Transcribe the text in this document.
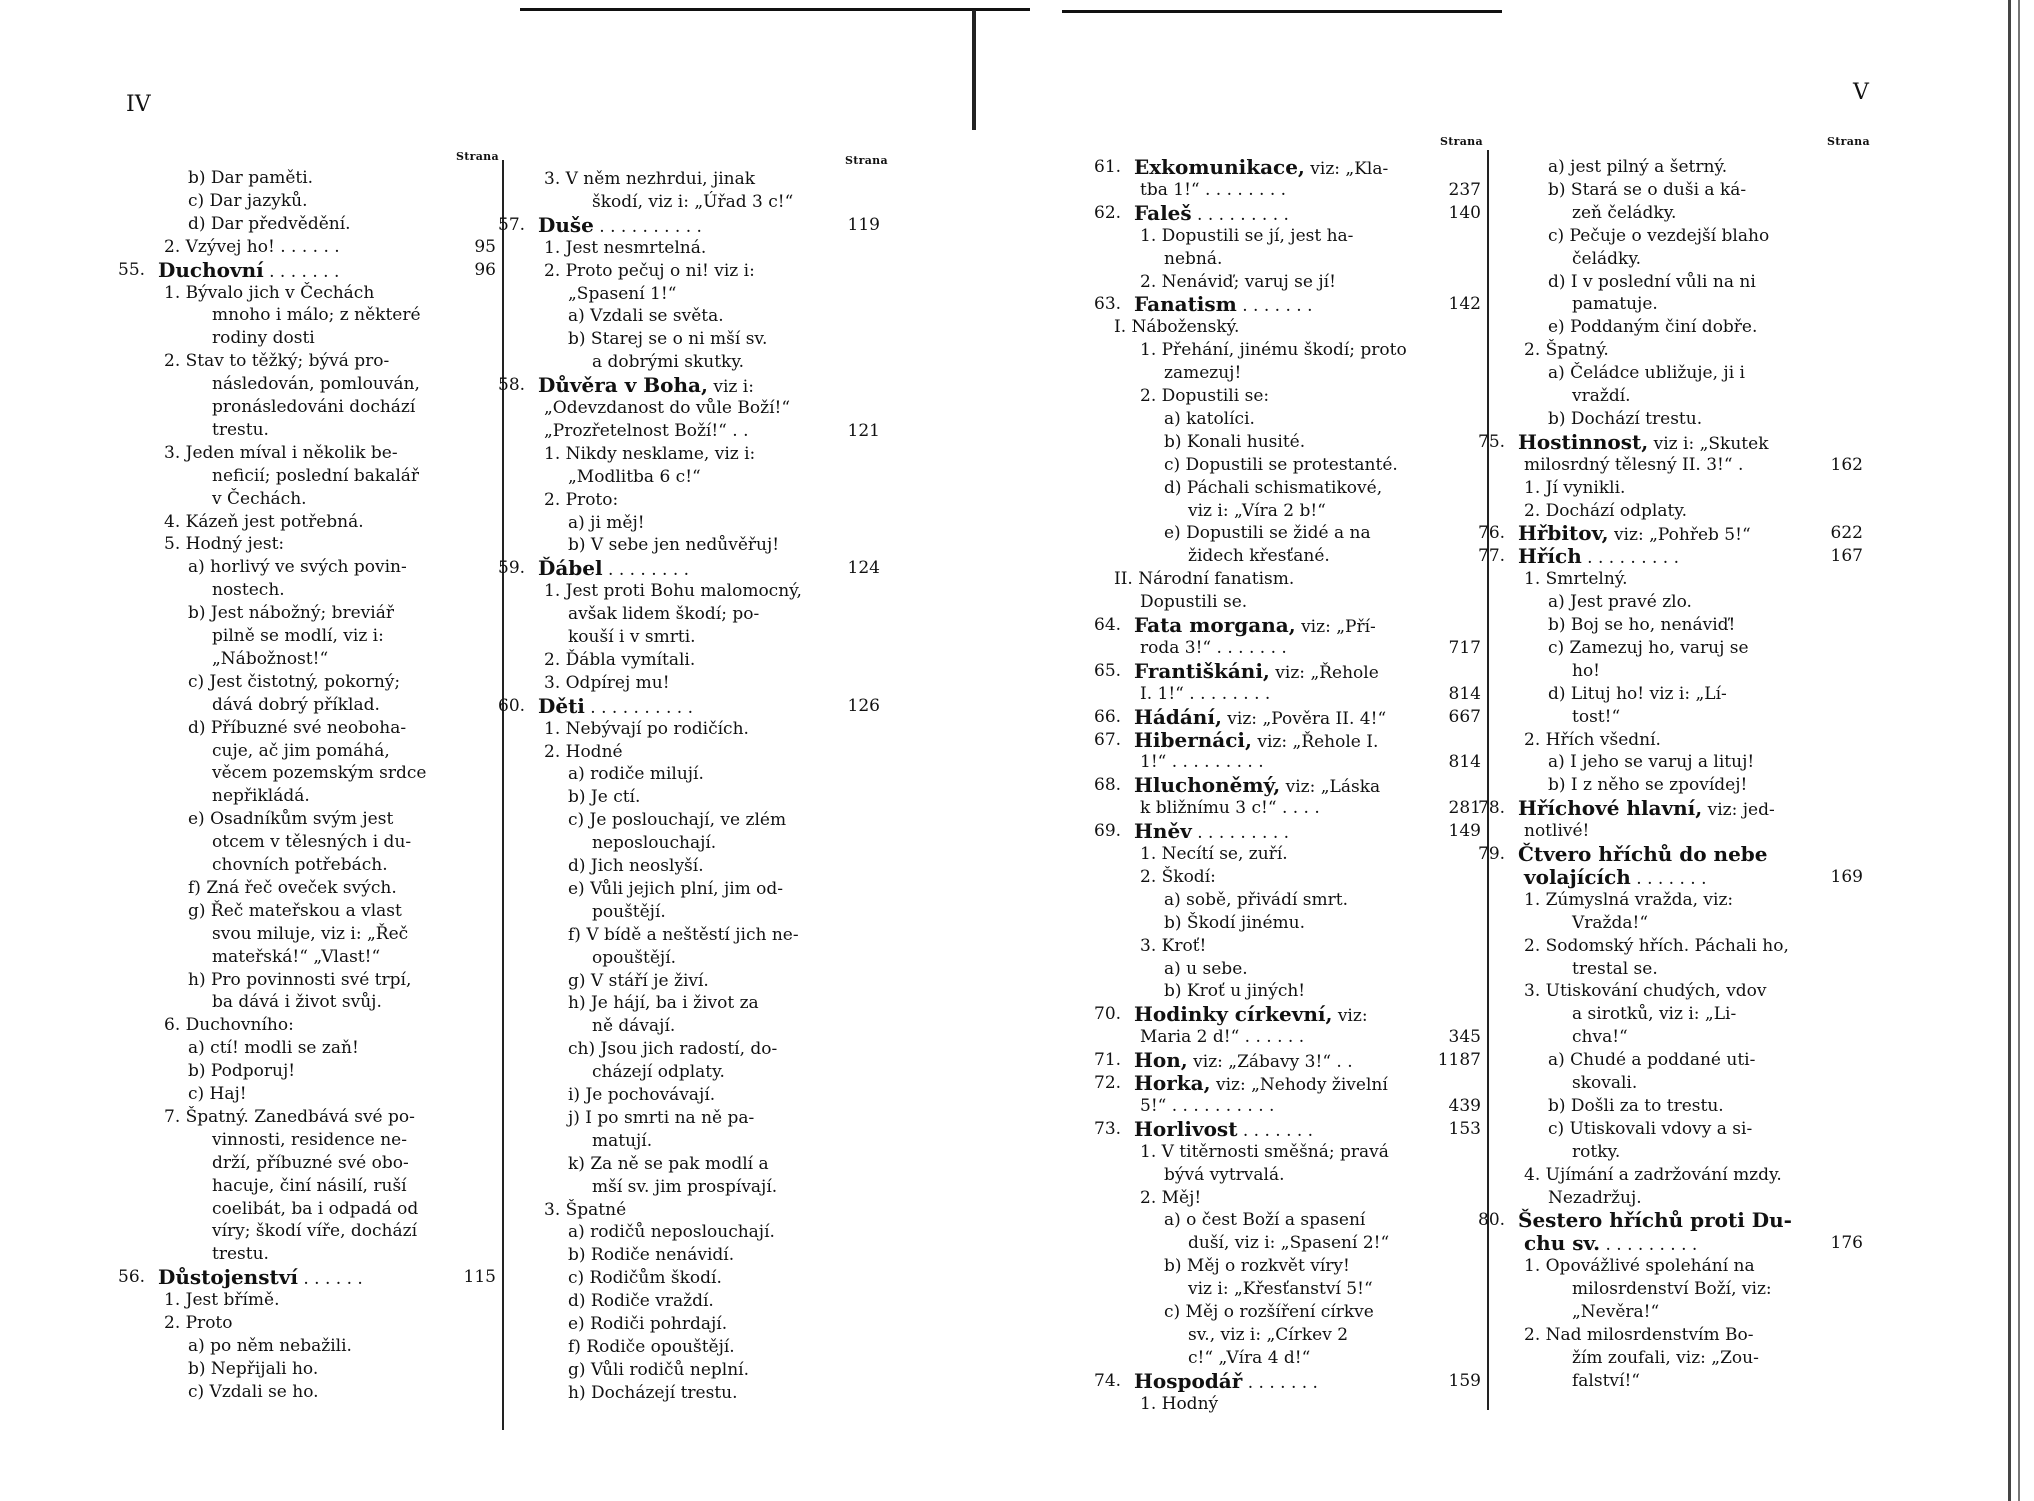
IV	V
Strana	Strana
Strana	Strana
b) Dar paměti.
c) Dar jazyků.
d) Dar předvědění.
2. Vzývej ho! . . . . . .	95
55. Duchovní . . . . . . .	96
1. Bývalo jich v Čechách
mnoho i málo; z některé
rodiny dosti
2. Stav to těžký; bývá pro-
následován, pomlouván,
pronásledováni dochází
trestu.
3. Jeden míval i několik be-
neficií; poslední bakalář
v Čechách.
4. Kázeň jest potřebná.
5. Hodný jest:
a) horlivý ve svých povin-
nostech.
b) Jest nábožný; breviář
pilně se modlí, viz i:
„Nábožnost!“
c) Jest čistotný, pokorný;
dává dobrý příklad.
d) Příbuzné své neoboha-
cuje, ač jim pomáhá,
věcem pozemským srdce
nepřikládá.
e) Osadníkům svým jest
otcem v tělesných i du-
chovních potřebách.
f) Zná řeč oveček svých.
g) Řeč mateřskou a vlast
svou miluje, viz i: „Řeč
mateřská!“ „Vlast!“
h) Pro povinnosti své trpí,
ba dává i život svůj.
6. Duchovního:
a) ctí! modli se zaň!
b) Podporuj!
c) Haj!
7. Špatný. Zanedbává své po-
vinnosti, residence ne-
drží, příbuzné své obo-
hacuje, činí násilí, ruší
coelibát, ba i odpadá od
víry; škodí víře, dochází
trestu.
56. Důstojenství . . . . . .	115
1. Jest břímě.
2. Proto
a) po něm nebažili.
b) Nepřijali ho.
c) Vzdali se ho.
3. V něm nezhrdui, jinak
škodí, viz i: „Úřad 3 c!“
57. Duše . . . . . . . . . .	119
1. Jest nesmrtelná.
2. Proto pečuj o ni! viz i:
„Spasení 1!“
a) Vzdali se světa.
b) Starej se o ni mší sv.
a dobrými skutky.
58. Důvěra v Boha, viz i:
„Odevzdanost do vůle Boží!“
„Prozřetelnost Boží!“ . .	121
1. Nikdy nesklame, viz i:
„Modlitba 6 c!“
2. Proto:
a) ji měj!
b) V sebe jen nedůvěřuj!
59. Ďábel . . . . . . . .	124
1. Jest proti Bohu malomocný,
avšak lidem škodí; po-
kouší i v smrti.
2. Ďábla vymítali.
3. Odpírej mu!
60. Děti . . . . . . . . . .	126
1. Nebývají po rodičích.
2. Hodné
a) rodiče milují.
b) Je ctí.
c) Je poslouchají, ve zlém
neposlouchají.
d) Jich neoslyší.
e) Vůli jejich plní, jim od-
pouštějí.
f) V bídě a neštěstí jich ne-
opouštějí.
g) V stáří je živí.
h) Je hájí, ba i život za
ně dávají.
ch) Jsou jich radostí, do-
cházejí odplaty.
i) Je pochovávají.
j) I po smrti na ně pa-
matují.
k) Za ně se pak modlí a
mší sv. jim prospívají.
3. Špatné
a) rodičů neposlouchají.
b) Rodiče nenávidí.
c) Rodičům škodí.
d) Rodiče vraždí.
e) Rodiči pohrdají.
f) Rodiče opouštějí.
g) Vůli rodičů neplní.
h) Docházejí trestu.
61. Exkomunikace, viz: „Kla-
tba 1!“ . . . . . . . .	237
62. Faleš . . . . . . . . .	140
1. Dopustili se jí, jest ha-
nebná.
2. Nenáviď; varuj se jí!
63. Fanatism . . . . . . .	142
I. Náboženský.
1. Přehání, jinému škodí; proto
zamezuj!
2. Dopustili se:
a) katolíci.
b) Konali husité.
c) Dopustili se protestanté.
d) Páchali schismatikové,
viz i: „Víra 2 b!“
e) Dopustili se židé a na
židech křesťané.
II. Národní fanatism.
Dopustili se.
64. Fata morgana, viz: „Pří-
roda 3!“ . . . . . . .	717
65. Františkáni, viz: „Řehole
I. 1!“ . . . . . . . .	814
66. Hádání, viz: „Pověra II. 4!“	667
67. Hibernáci, viz: „Řehole I.
1!“ . . . . . . . . .	814
68. Hluchoněmý, viz: „Láska
k bližnímu 3 c!“ . . . .	281
69. Hněv . . . . . . . . .	149
1. Necítí se, zuří.
2. Škodí:
a) sobě, přivádí smrt.
b) Škodí jinému.
3. Kroť!
a) u sebe.
b) Kroť u jiných!
70. Hodinky církevní, viz:
Maria 2 d!“ . . . . . .	345
71. Hon, viz: „Zábavy 3!“ . .	1187
72. Horka, viz: „Nehody živelní
5!“ . . . . . . . . . .	439
73. Horlivost . . . . . . .	153
1. V titěrnosti směšná; pravá
bývá vytrvalá.
2. Měj!
a) o čest Boží a spasení
duší, viz i: „Spasení 2!“
b) Měj o rozkvět víry!
viz i: „Křesťanství 5!“
c) Měj o rozšíření církve
sv., viz i: „Církev 2
c!“ „Víra 4 d!“
74. Hospodář . . . . . . .	159
1. Hodný
a) jest pilný a šetrný.
b) Stará se o duši a ká-
zeň čeládky.
c) Pečuje o vezdejší blaho
čeládky.
d) I v poslední vůli na ni
pamatuje.
e) Poddaným činí dobře.
2. Špatný.
a) Čeládce ubližuje, ji i
vraždí.
b) Dochází trestu.
75. Hostinnost, viz i: „Skutek
milosrdný tělesný II. 3!“ .	162
1. Jí vynikli.
2. Dochází odplaty.
76. Hřbitov, viz: „Pohřeb 5!“	622
77. Hřích . . . . . . . . .	167
1. Smrtelný.
a) Jest pravé zlo.
b) Boj se ho, nenáviď!
c) Zamezuj ho, varuj se
ho!
d) Lituj ho! viz i: „Lí-
tost!“
2. Hřích všední.
a) I jeho se varuj a lituj!
b) I z něho se zpovídej!
78. Hříchové hlavní, viz: jed-
notlivé!
79. Čtvero hříchů do nebe
volajících . . . . . . .	169
1. Zúmyslná vražda, viz:
Vražda!“
2. Sodomský hřích. Páchali ho,
trestal se.
3. Utiskování chudých, vdov
a sirotků, viz i: „Li-
chva!“
a) Chudé a poddané uti-
skovali.
b) Došli za to trestu.
c) Utiskovali vdovy a si-
rotky.
4. Ujímání a zadržování mzdy.
Nezadržuj.
80. Šestero hříchů proti Du-
chu sv. . . . . . . . . .	176
1. Opovážlivé spolehání na
milosrdenství Boží, viz:
„Nevěra!“
2. Nad milosrdenstvím Bo-
žím zoufali, viz: „Zou-
falství!“
